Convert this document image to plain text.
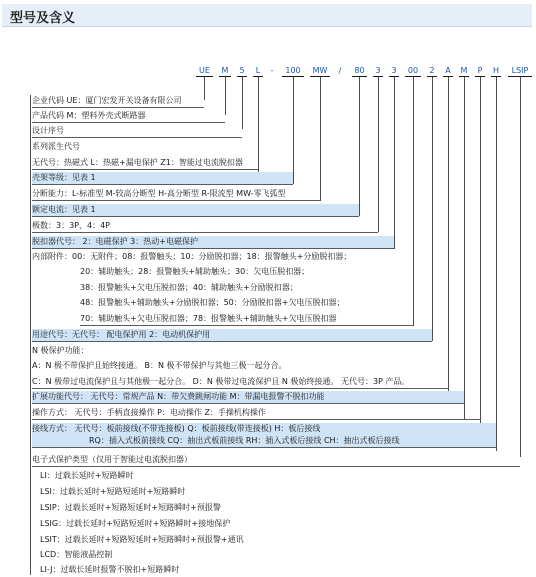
型号及含义
UE	M	5	L	-	100	MW	/	80	3	3	00	2	A M	P	H	LSIP
企业代码 UE：厦门宏发开关设备有限公司
产品代码 M：塑料外壳式断路器
设计序号
系列派生代号
无代号：热磁式 L：热磁+漏电保护 Z1：智能过电流脱扣器
壳架等级：见表 1
分断能力：L-标准型 M-较高分断型 H-高分断型 R-限流型 MW-零飞弧型
额定电流：见表 1
极数：3：3P、4：4P
脱扣器代号： 2：电磁保护 3：热动+电磁保护
内部附件：00：无附件；08：报警触头；10：分励脱扣器；18：报警触头+分励脱扣器；
20：辅助触头；28：报警触头+辅助触头；30：欠电压脱扣器；
38：报警触头+欠电压脱扣器；40：辅助触头+分励脱扣器；
48：报警触头+辅助触头+分励脱扣器；50：分励脱扣器+欠电压脱扣器；
70：辅助触头+欠电压脱扣器；78：报警触头+辅助触头+欠电压脱扣器
用途代号：无代号： 配电保护用 2：电动机保护用
N 极保护功能：
A：N 极不带保护且始终接通。 B：N 极不带保护与其他三极一起分合。
C：N 极带过电流保护且与其他极一起分合。 D：N 极带过电流保护且 N 极始终接通。 无代号：3P 产品。
扩展功能代号： 无代号：常规产品 N：带欠费跳闸功能 M：带漏电报警不脱扣功能
操作方式： 无代号：手柄直接操作 P：电动操作 Z：手操机构操作
接线方式： 无代号：板前接线(不带连接板) Q：板前接线(带连接板) H：板后接线
RQ：插入式板前接线 CQ：抽出式板前接线 RH：插入式板后接线 CH：抽出式板后接线
电子式保护类型（仅用于智能过电流脱扣器）
LI：过载长延时+短路瞬时
LSI：过载长延时+短路短延时+短路瞬时
LSIP：过载长延时+短路短延时+短路瞬时+预报警
LSIG：过载长延时+短路短延时+短路瞬时+接地保护
LSIT：过载长延时+短路短延时+短路瞬时+预报警+通讯
LCD：智能液晶控制
LI-J：过载长延时报警不脱扣+短路瞬时
